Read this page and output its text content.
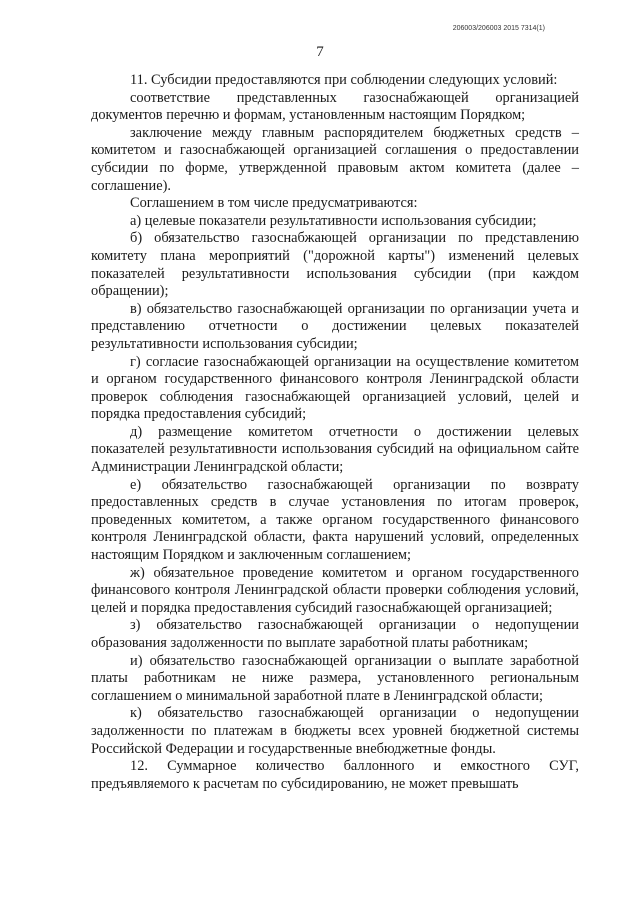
206003/206003 2015 7314(1)
7

11. Субсидии предоставляются при соблюдении следующих условий:

соответствие представленных газоснабжающей организацией документов перечню и формам, установленным настоящим Порядком;

заключение между главным распорядителем бюджетных средств – комитетом и газоснабжающей организацией соглашения о предоставлении субсидии по форме, утвержденной правовым актом комитета (далее – соглашение).

Соглашением в том числе предусматриваются:

а) целевые показатели результативности использования субсидии;

б) обязательство газоснабжающей организации по представлению комитету плана мероприятий ("дорожной карты") изменений целевых показателей результативности использования субсидии (при каждом обращении);

в) обязательство газоснабжающей организации по организации учета и представлению отчетности о достижении целевых показателей результативности использования субсидии;

г) согласие газоснабжающей организации на осуществление комитетом и органом государственного финансового контроля Ленинградской области проверок соблюдения газоснабжающей организацией условий, целей и порядка предоставления субсидий;

д) размещение комитетом отчетности о достижении целевых показателей результативности использования субсидий на официальном сайте Администрации Ленинградской области;

е) обязательство газоснабжающей организации по возврату предоставленных средств в случае установления по итогам проверок, проведенных комитетом, а также органом государственного финансового контроля Ленинградской области, факта нарушений условий, определенных настоящим Порядком и заключенным соглашением;

ж) обязательное проведение комитетом и органом государственного финансового контроля Ленинградской области проверки соблюдения условий, целей и порядка предоставления субсидий газоснабжающей организацией;

з) обязательство газоснабжающей организации о недопущении образования задолженности по выплате заработной платы работникам;

и) обязательство газоснабжающей организации о выплате заработной платы работникам не ниже размера, установленного региональным соглашением о минимальной заработной плате в Ленинградской области;

к) обязательство газоснабжающей организации о недопущении задолженности по платежам в бюджеты всех уровней бюджетной системы Российской Федерации и государственные внебюджетные фонды.

12. Суммарное количество баллонного и емкостного СУГ, предъявляемого к расчетам по субсидированию, не может превышать
